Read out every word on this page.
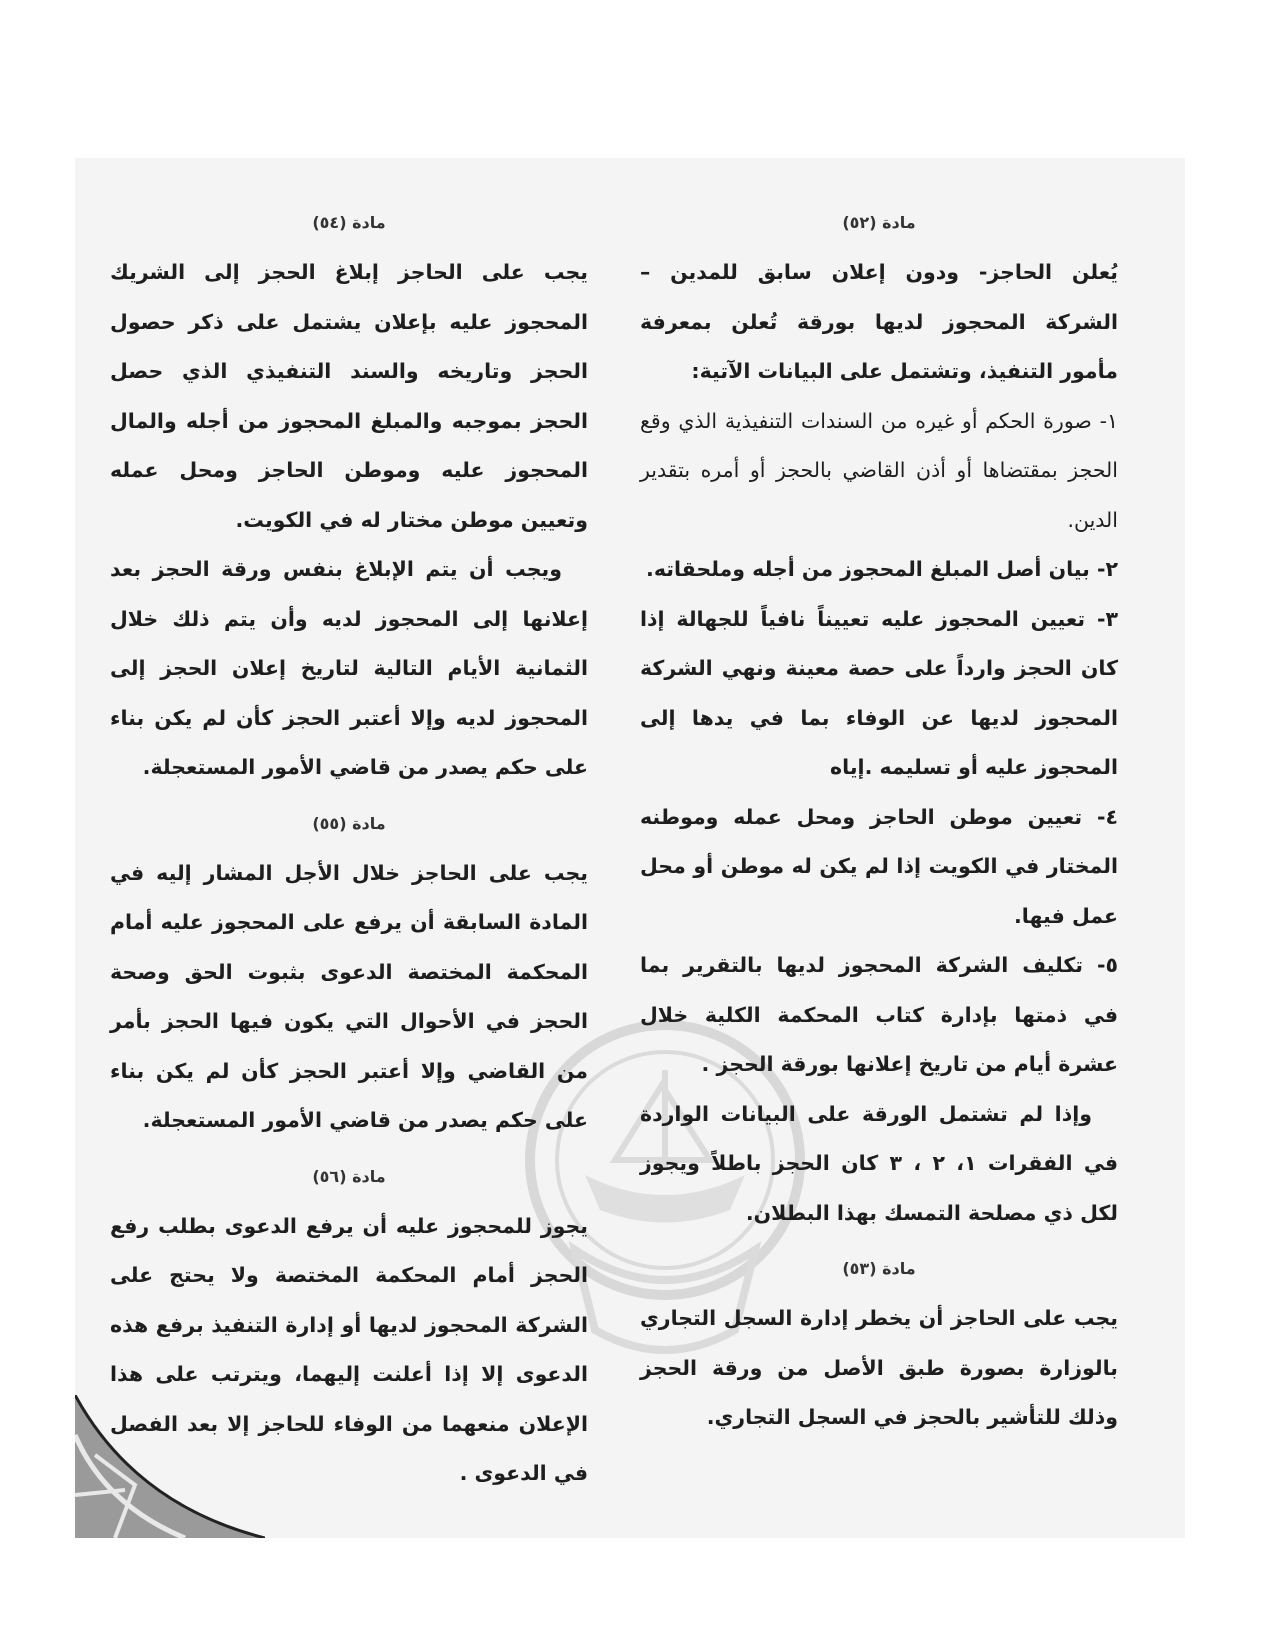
مادة (٥٢)

يُعلن الحاجز- ودون إعلان سابق للمدين – الشركة المحجوز لديها بورقة تُعلن بمعرفة مأمور التنفيذ، وتشتمل على البيانات الآتية:

١- صورة الحكم أو غيره من السندات التنفيذية الذي وقع الحجز بمقتضاها أو أذن القاضي بالحجز أو أمره بتقدير الدين.

٢- بيان أصل المبلغ المحجوز من أجله وملحقاته.

٣- تعيين المحجوز عليه تعييناً نافياً للجهالة إذا كان الحجز وارداً على حصة معينة ونهي الشركة المحجوز لديها عن الوفاء بما في يدها إلى المحجوز عليه أو تسليمه .إياه

٤- تعيين موطن الحاجز ومحل عمله وموطنه المختار في الكويت إذا لم يكن له موطن أو محل عمل فيها.

٥- تكليف الشركة المحجوز لديها بالتقرير بما في ذمتها بإدارة كتاب المحكمة الكلية خلال عشرة أيام من تاريخ إعلانها بورقة الحجز .

وإذا لم تشتمل الورقة على البيانات الواردة في الفقرات ١، ٢ ، ٣ كان الحجز باطلاً ويجوز لكل ذي مصلحة التمسك بهذا البطلان.

مادة (٥٣)

يجب على الحاجز أن يخطر إدارة السجل التجاري بالوزارة بصورة طبق الأصل من ورقة الحجز وذلك للتأشير بالحجز في السجل التجاري.

مادة (٥٤)

يجب على الحاجز إبلاغ الحجز إلى الشريك المحجوز عليه بإعلان يشتمل على ذكر حصول الحجز وتاريخه والسند التنفيذي الذي حصل الحجز بموجبه والمبلغ المحجوز من أجله والمال المحجوز عليه وموطن الحاجز ومحل عمله وتعيين موطن مختار له في الكويت.

ويجب أن يتم الإبلاغ بنفس ورقة الحجز بعد إعلانها إلى المحجوز لديه وأن يتم ذلك خلال الثمانية الأيام التالية لتاريخ إعلان الحجز إلى المحجوز لديه وإلا أعتبر الحجز كأن لم يكن بناء على حكم يصدر من قاضي الأمور المستعجلة.

مادة (٥٥)

يجب على الحاجز خلال الأجل المشار إليه في المادة السابقة أن يرفع على المحجوز عليه أمام المحكمة المختصة الدعوى بثبوت الحق وصحة الحجز في الأحوال التي يكون فيها الحجز بأمر من القاضي وإلا أعتبر الحجز كأن لم يكن بناء على حكم يصدر من قاضي الأمور المستعجلة.

مادة (٥٦)

يجوز للمحجوز عليه أن يرفع الدعوى بطلب رفع الحجز أمام المحكمة المختصة ولا يحتج على الشركة المحجوز لديها أو إدارة التنفيذ برفع هذه الدعوى إلا إذا أعلنت إليهما، ويترتب على هذا الإعلان منعهما من الوفاء للحاجز إلا بعد الفصل في الدعوى .
